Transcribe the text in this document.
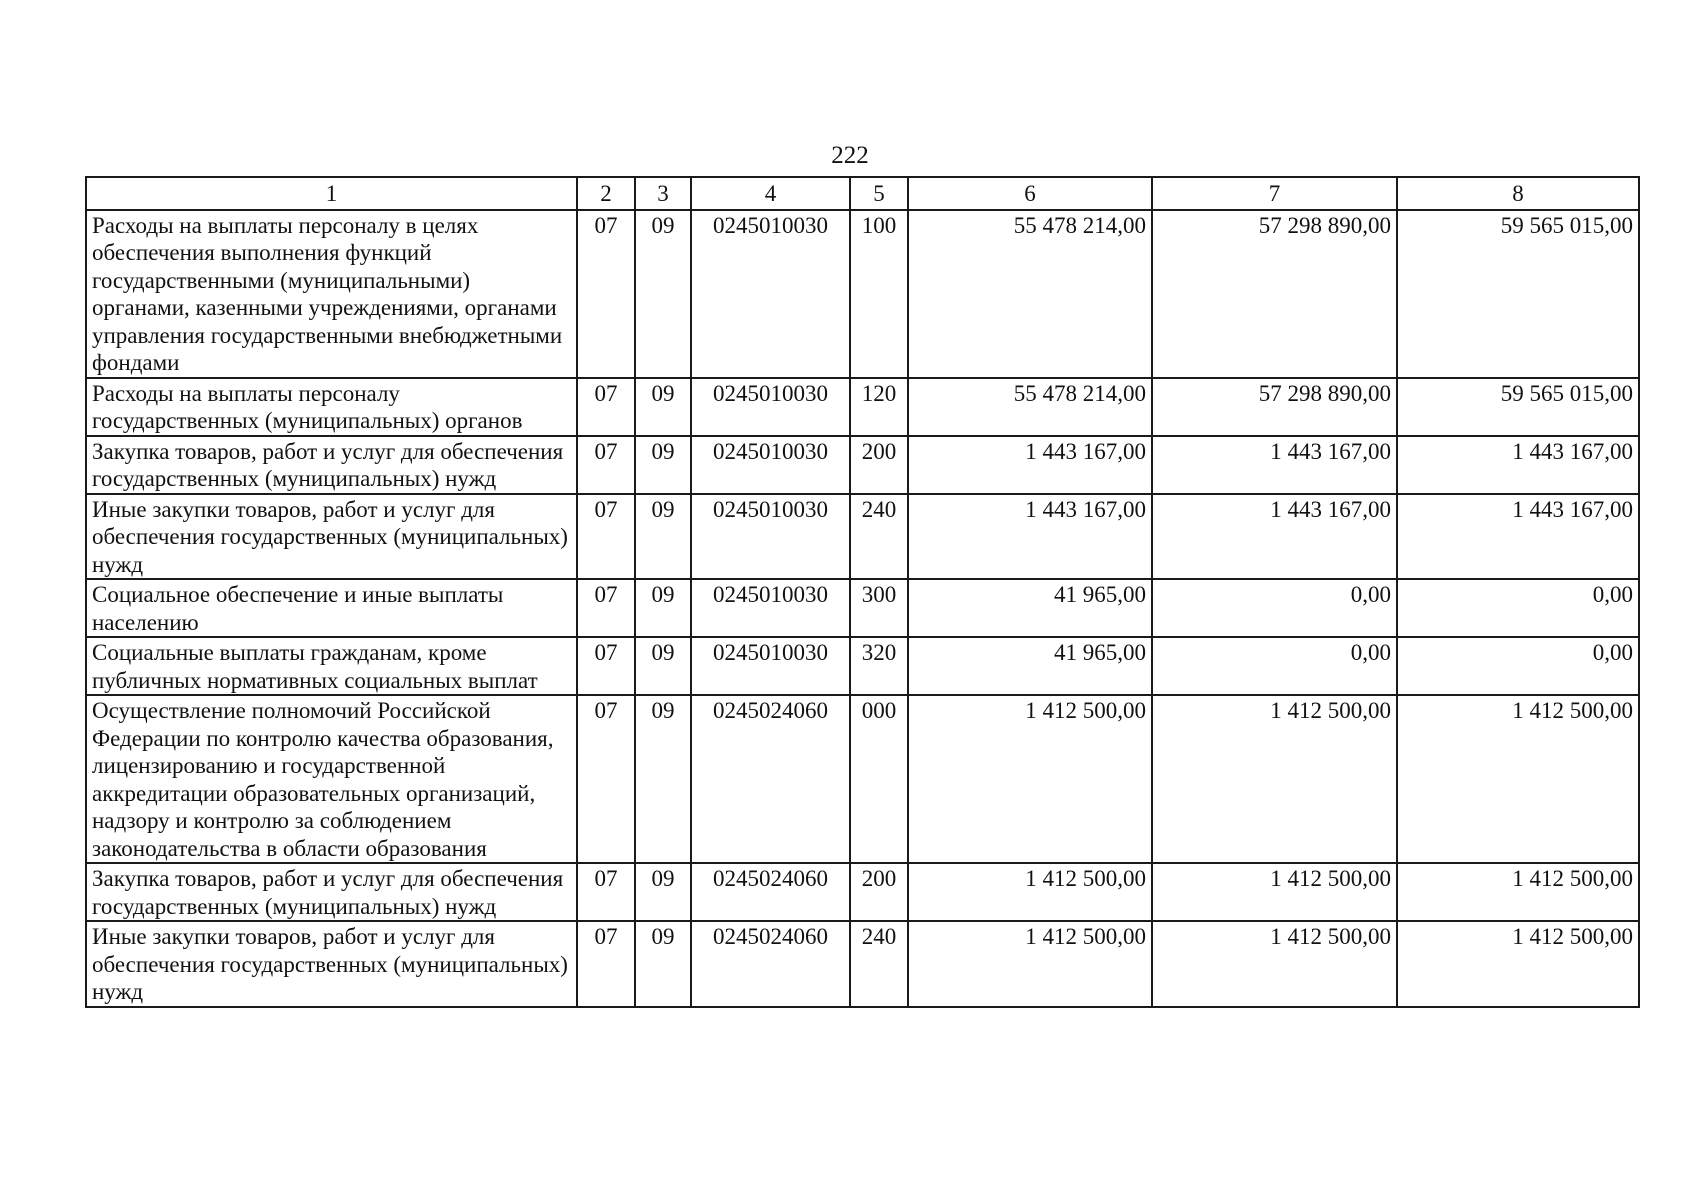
222
1	2	3	4	5	6	7	8
Расходы на выплаты персоналу в целях обеспечения выполнения функций государственными (муниципальными) органами, казенными учреждениями, органами управления государственными внебюджетными фондами	07	09	0245010030	100	55 478 214,00	57 298 890,00	59 565 015,00
Расходы на выплаты персоналу государственных (муниципальных) органов	07	09	0245010030	120	55 478 214,00	57 298 890,00	59 565 015,00
Закупка товаров, работ и услуг для обеспечения государственных (муниципальных) нужд	07	09	0245010030	200	1 443 167,00	1 443 167,00	1 443 167,00
Иные закупки товаров, работ и услуг для обеспечения государственных (муниципальных) нужд	07	09	0245010030	240	1 443 167,00	1 443 167,00	1 443 167,00
Социальное обеспечение и иные выплаты населению	07	09	0245010030	300	41 965,00	0,00	0,00
Социальные выплаты гражданам, кроме публичных нормативных социальных выплат	07	09	0245010030	320	41 965,00	0,00	0,00
Осуществление полномочий Российской Федерации по контролю качества образования, лицензированию и государственной аккредитации образовательных организаций, надзору и контролю за соблюдением законодательства в области образования	07	09	0245024060	000	1 412 500,00	1 412 500,00	1 412 500,00
Закупка товаров, работ и услуг для обеспечения государственных (муниципальных) нужд	07	09	0245024060	200	1 412 500,00	1 412 500,00	1 412 500,00
Иные закупки товаров, работ и услуг для обеспечения государственных (муниципальных) нужд	07	09	0245024060	240	1 412 500,00	1 412 500,00	1 412 500,00
